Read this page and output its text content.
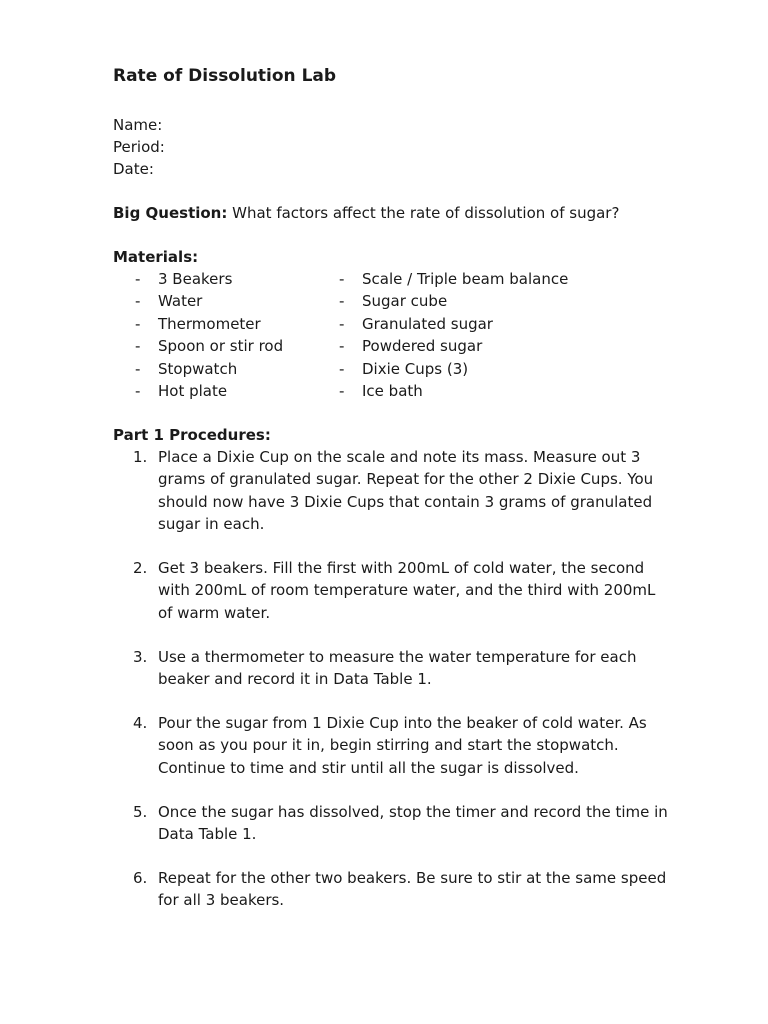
Rate of Dissolution Lab
Name:
Period:
Date:
Big Question: What factors affect the rate of dissolution of sugar?
Materials:
- 3 Beakers
- Water
- Thermometer
- Spoon or stir rod
- Stopwatch
- Hot plate
- Scale / Triple beam balance
- Sugar cube
- Granulated sugar
- Powdered sugar
- Dixie Cups (3)
- Ice bath
Part 1 Procedures:
1. Place a Dixie Cup on the scale and note its mass. Measure out 3 grams of granulated sugar. Repeat for the other 2 Dixie Cups. You should now have 3 Dixie Cups that contain 3 grams of granulated sugar in each.
2. Get 3 beakers. Fill the first with 200mL of cold water, the second with 200mL of room temperature water, and the third with 200mL of warm water.
3. Use a thermometer to measure the water temperature for each beaker and record it in Data Table 1.
4. Pour the sugar from 1 Dixie Cup into the beaker of cold water. As soon as you pour it in, begin stirring and start the stopwatch. Continue to time and stir until all the sugar is dissolved.
5. Once the sugar has dissolved, stop the timer and record the time in Data Table 1.
6. Repeat for the other two beakers. Be sure to stir at the same speed for all 3 beakers.
